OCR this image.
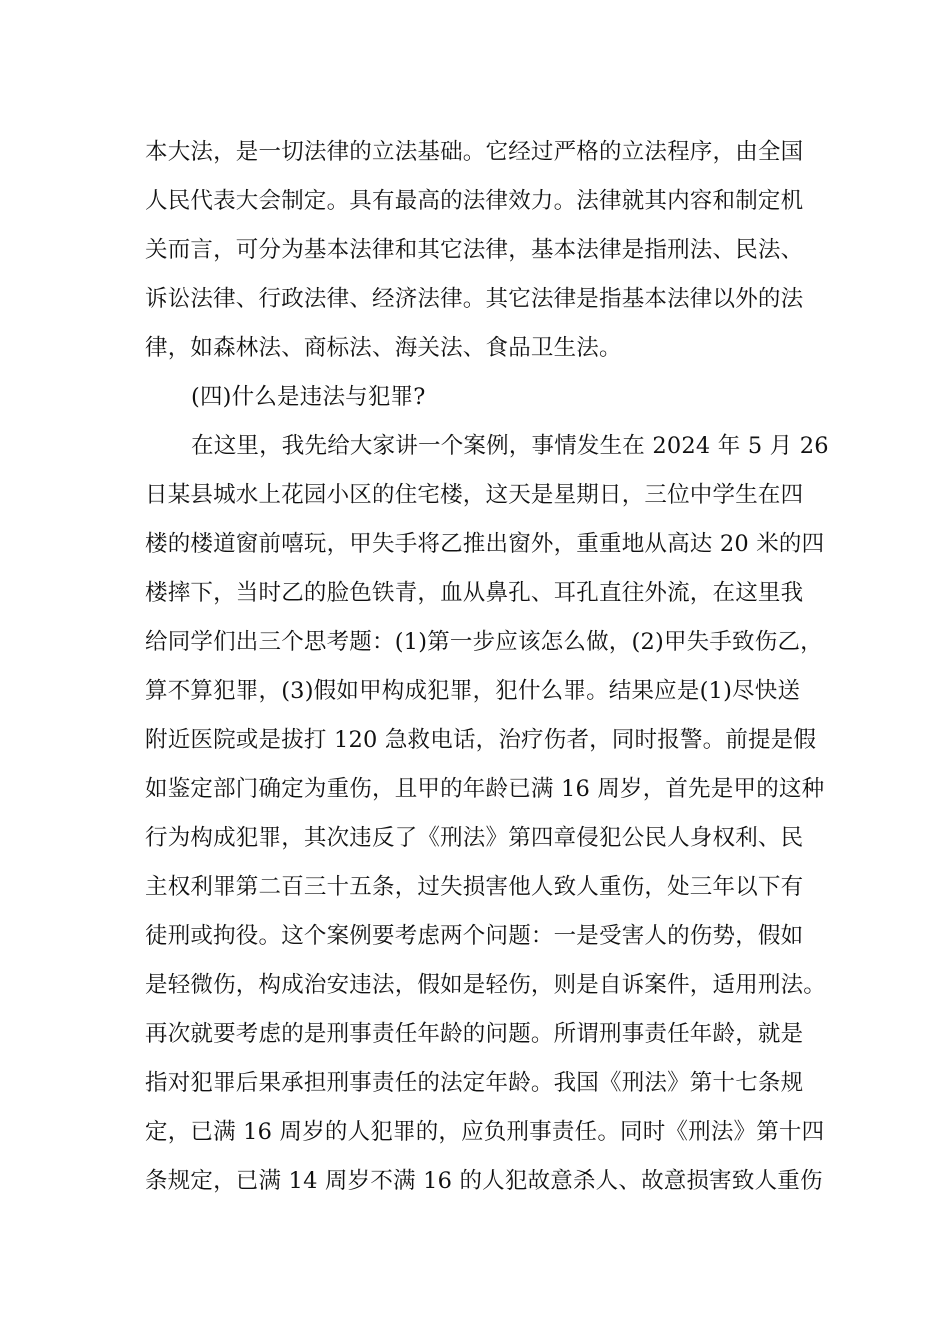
本大法，是一切法律的立法基础。它经过严格的立法程序，由全国
人民代表大会制定。具有最高的法律效力。法律就其内容和制定机
关而言，可分为基本法律和其它法律，基本法律是指刑法、民法、
诉讼法律、行政法律、经济法律。其它法律是指基本法律以外的法
律，如森林法、商标法、海关法、食品卫生法。
(四)什么是违法与犯罪?
在这里，我先给大家讲一个案例，事情发生在 2024 年 5 月 26
日某县城水上花园小区的住宅楼，这天是星期日，三位中学生在四
楼的楼道窗前嘻玩，甲失手将乙推出窗外，重重地从高达 20 米的四
楼摔下，当时乙的脸色铁青，血从鼻孔、耳孔直往外流，在这里我
给同学们出三个思考题：(1)第一步应该怎么做，(2)甲失手致伤乙，
算不算犯罪，(3)假如甲构成犯罪，犯什么罪。结果应是(1)尽快送
附近医院或是拔打 120 急救电话，治疗伤者，同时报警。前提是假
如鉴定部门确定为重伤，且甲的年龄已满 16 周岁，首先是甲的这种
行为构成犯罪，其次违反了《刑法》第四章侵犯公民人身权利、民
主权利罪第二百三十五条，过失损害他人致人重伤，处三年以下有
徒刑或拘役。这个案例要考虑两个问题：一是受害人的伤势，假如
是轻微伤，构成治安违法，假如是轻伤，则是自诉案件，适用刑法。
再次就要考虑的是刑事责任年龄的问题。所谓刑事责任年龄，就是
指对犯罪后果承担刑事责任的法定年龄。我国《刑法》第十七条规
定，已满 16 周岁的人犯罪的，应负刑事责任。同时《刑法》第十四
条规定，已满 14 周岁不满 16 的人犯故意杀人、故意损害致人重伤
